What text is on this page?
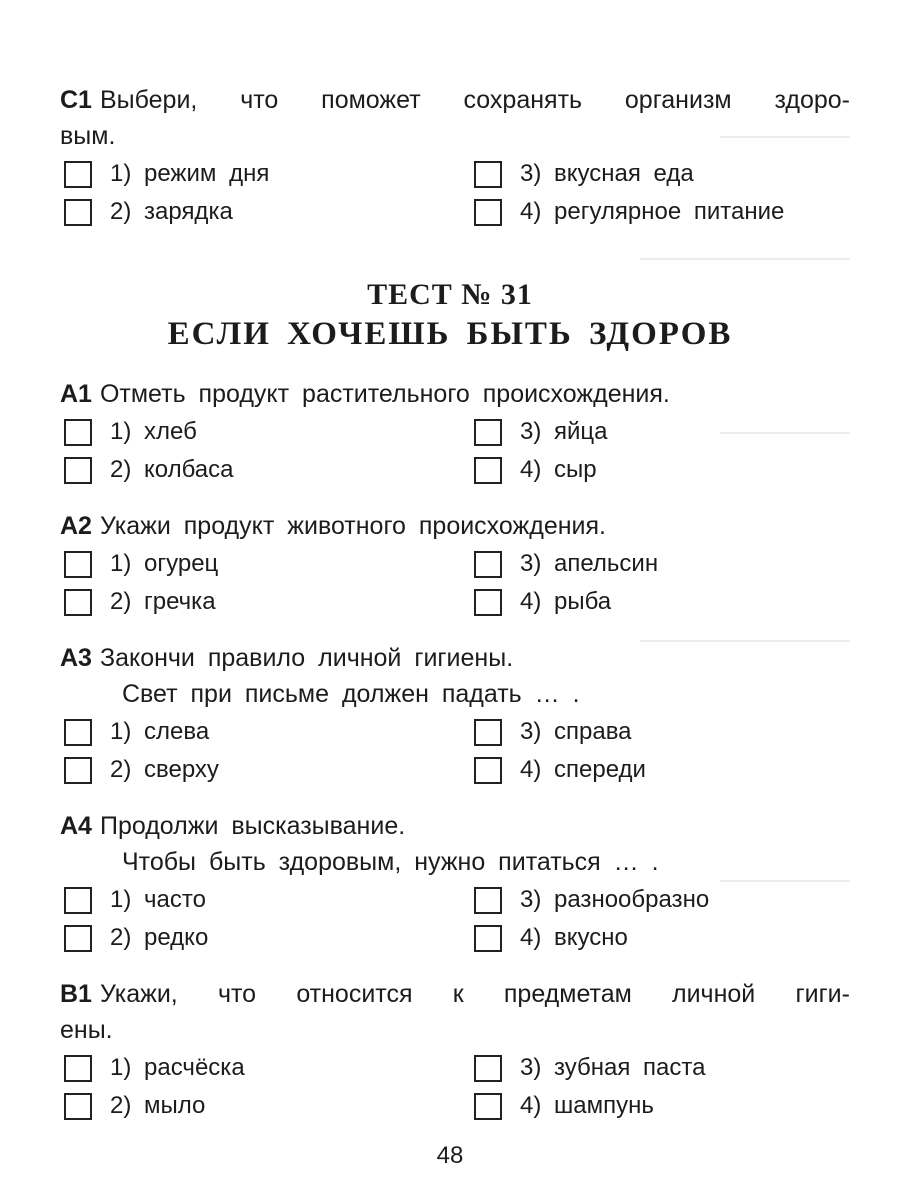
C1 Выбери, что поможет сохранять организм здоро-
вым.
1) режим дня
2) зарядка
3) вкусная еда
4) регулярное питание
ТЕСТ № 31
ЕСЛИ ХОЧЕШЬ БЫТЬ ЗДОРОВ
A1 Отметь продукт растительного происхождения.
1) хлеб
2) колбаса
3) яйца
4) сыр
A2 Укажи продукт животного происхождения.
1) огурец
2) гречка
3) апельсин
4) рыба
A3 Закончи правило личной гигиены.
Свет при письме должен падать … .
1) слева
2) сверху
3) справа
4) спереди
A4 Продолжи высказывание.
Чтобы быть здоровым, нужно питаться … .
1) часто
2) редко
3) разнообразно
4) вкусно
B1 Укажи, что относится к предметам личной гиги-
ены.
1) расчёска
2) мыло
3) зубная паста
4) шампунь
48
